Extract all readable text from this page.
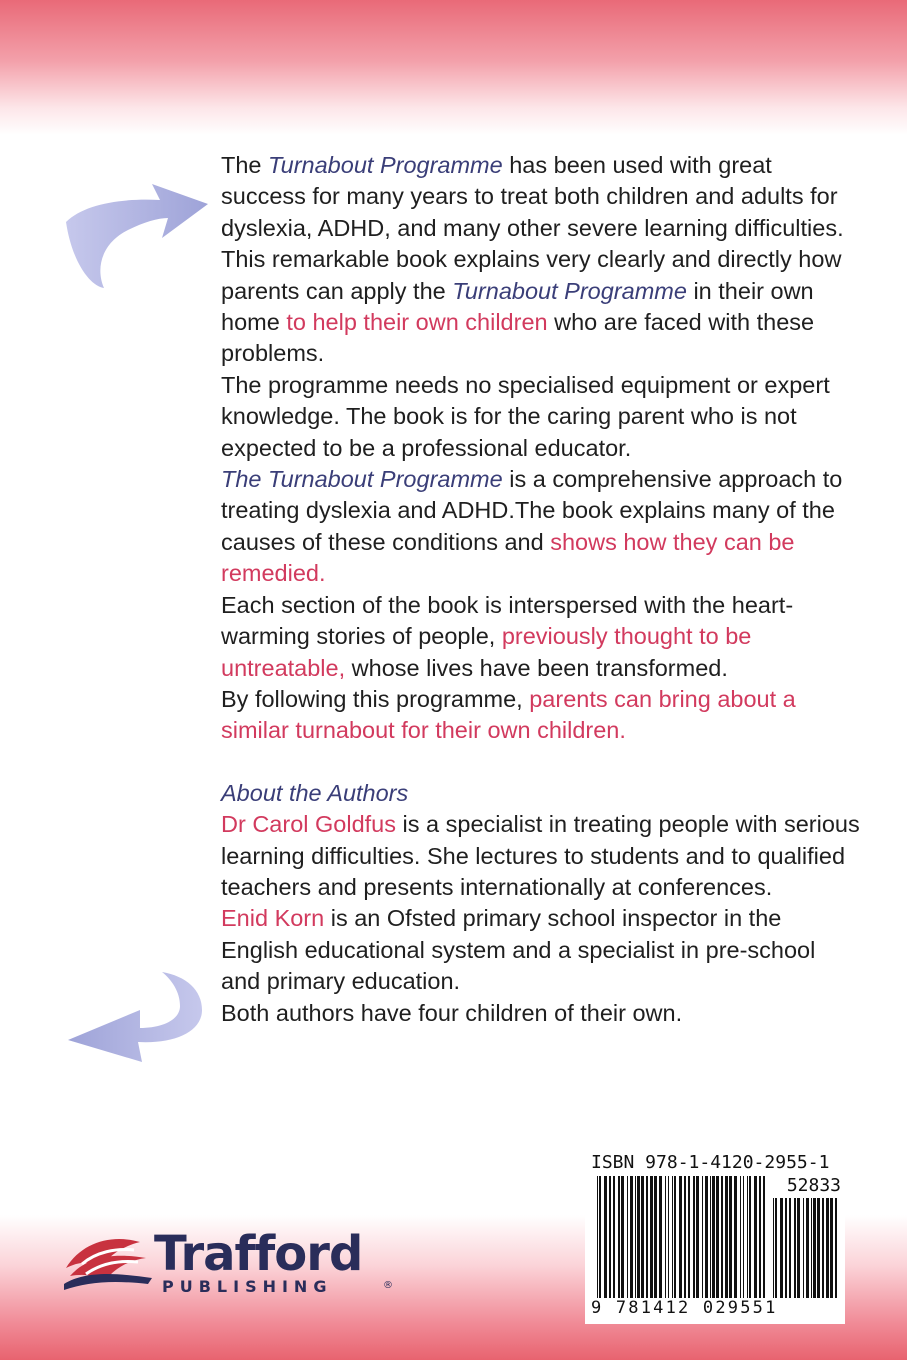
The Turnabout Programme has been used with great success for many years to treat both children and adults for dyslexia, ADHD, and many other severe learning difficulties.

This remarkable book explains very clearly and directly how parents can apply the Turnabout Programme in their own home to help their own children who are faced with these problems.

The programme needs no specialised equipment or expert knowledge. The book is for the caring parent who is not expected to be a professional educator.

The Turnabout Programme is a comprehensive approach to treating dyslexia and ADHD.The book explains many of the causes of these conditions and shows how they can be remedied.

Each section of the book is interspersed with the heart-warming stories of people, previously thought to be untreatable, whose lives have been transformed.

By following this programme, parents can bring about a similar turnabout for their own children.

About the Authors

Dr Carol Goldfus is a specialist in treating people with serious learning difficulties. She lectures to students and to qualified teachers and presents internationally at conferences.

Enid Korn is an Ofsted primary school inspector in the English educational system and a specialist in pre-school and primary education.

Both authors have four children of their own.

ISBN 978-1-4120-2955-1
52833
9 781412 029551
Trafford
PUBLISHING	®
